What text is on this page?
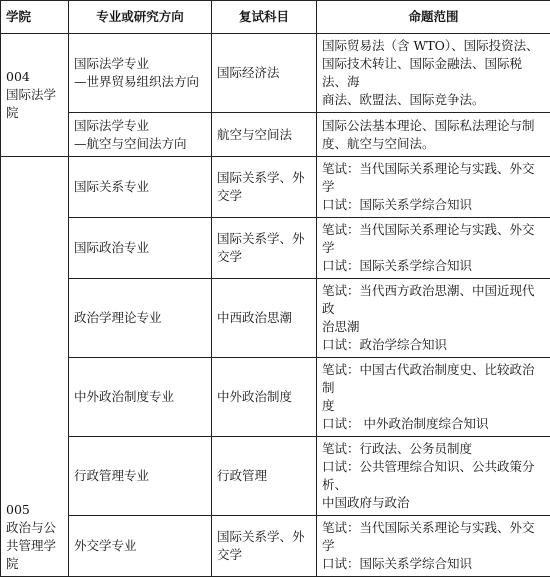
学院	专业或研究方向	复试科目	命题范围

004
国际法学
院	国际法学专业
—世界贸易组织法方向	国际经济法	国际贸易法（含 WTO）、国际投资法、
国际技术转让、国际金融法、国际税法、海
商法、欧盟法、国际竞争法。

	国际法学专业
—航空与空间法方向	航空与空间法	国际公法基本理论、国际私法理论与制
度、航空与空间法。

005
政治与公
共管理学
院	国际关系专业	国际关系学、外交学	笔试：当代国际关系理论与实践、外交学
口试：国际关系学综合知识

	国际政治专业	国际关系学、外交学	笔试：当代国际关系理论与实践、外交学
口试：国际关系学综合知识

	政治学理论专业	中西政治思潮	笔试：当代西方政治思潮、中国近现代政
治思潮
口试：政治学综合知识

	中外政治制度专业	中外政治制度	笔试：中国古代政治制度史、比较政治制
度
口试： 中外政治制度综合知识

	行政管理专业	行政管理	笔试：行政法、公务员制度
口试：公共管理综合知识、公共政策分析、
中国政府与政治

	外交学专业	国际关系学、外交学	笔试：当代国际关系理论与实践、外交学
口试：国际关系学综合知识
